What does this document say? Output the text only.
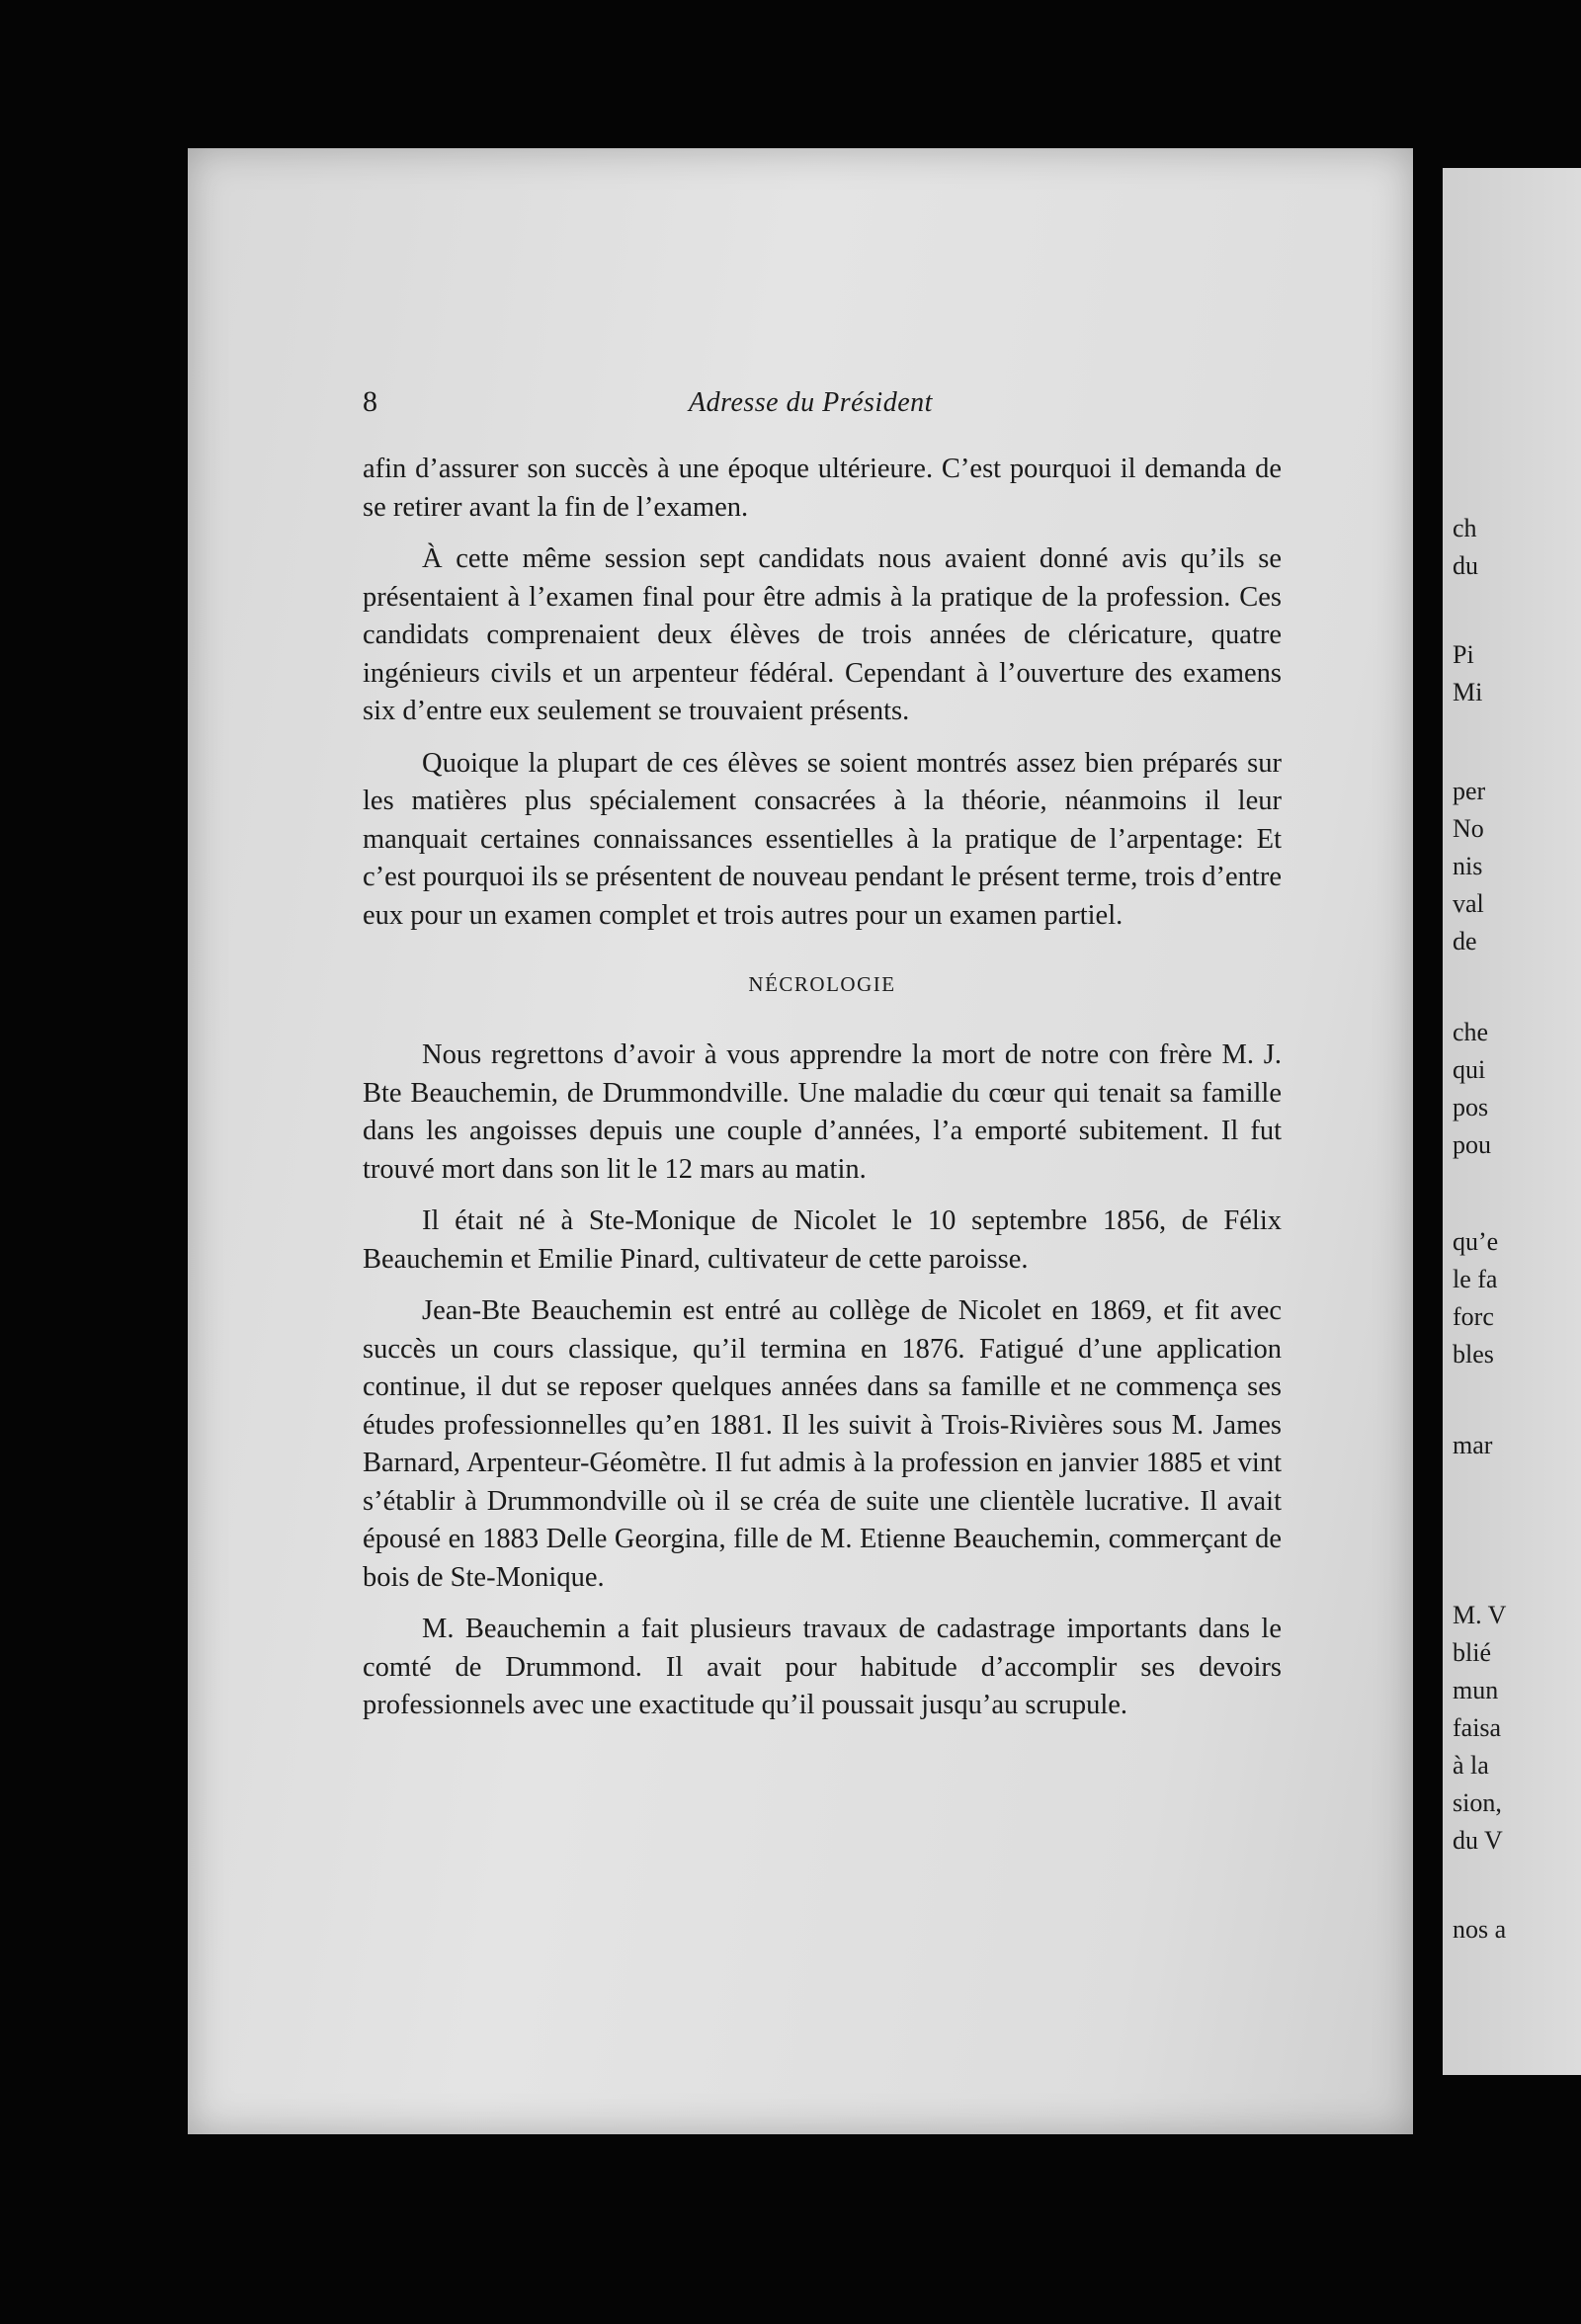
8	Adresse du Président

afin d’assurer son succès à une époque ultérieure. C’est pourquoi il demanda de se retirer avant la fin de l’examen.

À cette même session sept candidats nous avaient donné avis qu’ils se présentaient à l’examen final pour être admis à la pratique de la profession. Ces candidats comprenaient deux élèves de trois années de cléricature, quatre ingénieurs civils et un arpenteur fédéral. Cependant à l’ouverture des examens six d’entre eux seulement se trouvaient présents.

Quoique la plupart de ces élèves se soient montrés assez bien préparés sur les matières plus spécialement consacrées à la théorie, néanmoins il leur manquait certaines connaissances essentielles à la pratique de l’arpentage: Et c’est pourquoi ils se présentent de nouveau pendant le présent terme, trois d’entre eux pour un examen complet et trois autres pour un examen partiel.

NÉCROLOGIE

Nous regrettons d’avoir à vous apprendre la mort de notre con frère M. J. Bte Beauchemin, de Drummondville. Une maladie du cœur qui tenait sa famille dans les angoisses depuis une couple d’années, l’a emporté subitement. Il fut trouvé mort dans son lit le 12 mars au matin.

Il était né à Ste-Monique de Nicolet le 10 septembre 1856, de Félix Beauchemin et Emilie Pinard, cultivateur de cette paroisse.

Jean-Bte Beauchemin est entré au collège de Nicolet en 1869, et fit avec succès un cours classique, qu’il termina en 1876. Fatigué d’une application continue, il dut se reposer quelques années dans sa famille et ne commença ses études professionnelles qu’en 1881. Il les suivit à Trois-Rivières sous M. James Barnard, Arpenteur-Géomètre. Il fut admis à la profession en janvier 1885 et vint s’établir à Drummondville où il se créa de suite une clientèle lucrative. Il avait épousé en 1883 Delle Georgina, fille de M. Etienne Beauchemin, commerçant de bois de Ste-Monique.

M. Beauchemin a fait plusieurs travaux de cadastrage importants dans le comté de Drummond. Il avait pour habitude d’accomplir ses devoirs professionnels avec une exactitude qu’il poussait jusqu’au scrupule.

ch
du
Pi
Mi
per
No
nis
val
de
che
qui
pos
pou
qu’e
le fa
forc
bles
mar
M. V
blié
mun
faisa
à la
sion,
du V
nos a
